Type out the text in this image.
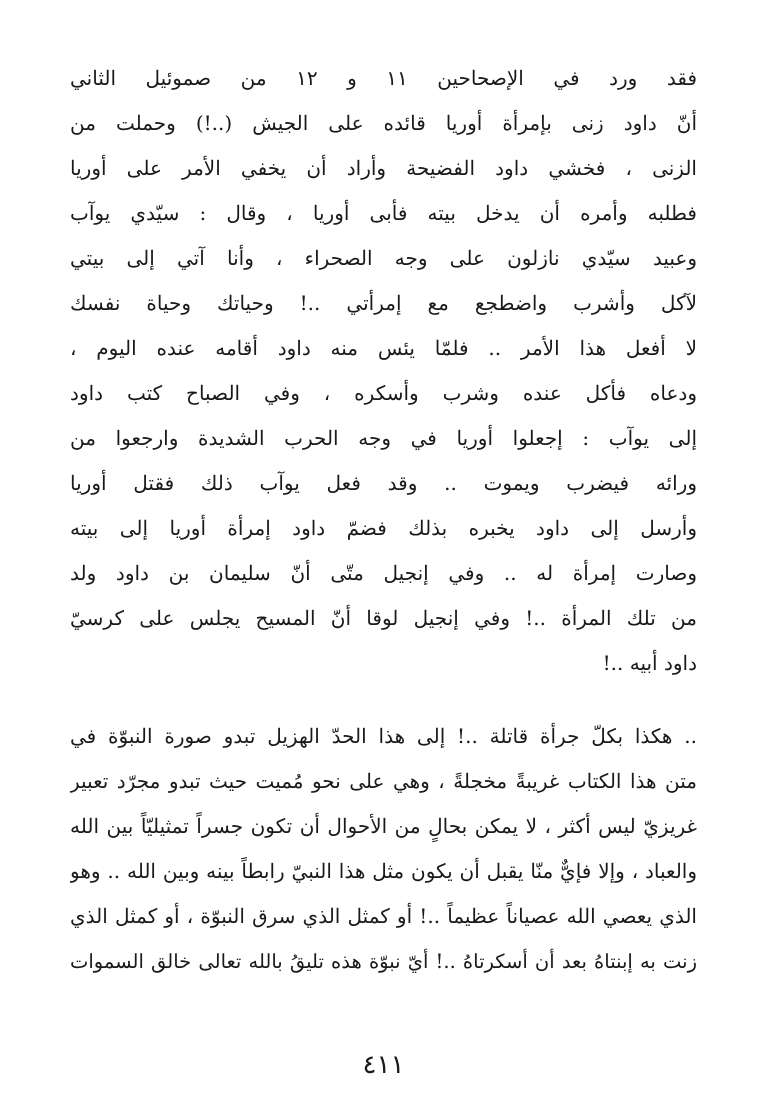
فقد ورد في الإصحاحين ١١ و ١٢ من صموئيل الثاني
أنّ داود زنى بإمرأة أوريا قائده على الجيش (..!) وحملت من
الزنى ، فخشي داود الفضيحة وأراد أن يخفي الأمر على أوريا
فطلبه وأمره أن يدخل بيته فأبى أوريا ، وقال : سيّدي يوآب
وعبيد سيّدي نازلون على وجه الصحراء ، وأنا آتي إلى بيتي
لآكل وأشرب واضطجع مع إمرأتي ..! وحياتك وحياة نفسك
لا أفعل هذا الأمر .. فلمّا يئس منه داود أقامه عنده اليوم ،
ودعاه فأكل عنده وشرب وأسكره ، وفي الصباح كتب داود
إلى يوآب : إجعلوا أوريا في وجه الحرب الشديدة وارجعوا من
ورائه فيضرب ويموت .. وقد فعل يوآب ذلك فقتل أوريا
وأرسل إلى داود يخبره بذلك فضمّ داود إمرأة أوريا إلى بيته
وصارت إمرأة له .. وفي إنجيل متّى أنّ سليمان بن داود ولد
من تلك المرأة ..! وفي إنجيل لوقا أنّ المسيح يجلس على كرسيّ
داود أبيه ..!
.. هكذا بكلّ جرأة قاتلة ..! إلى هذا الحدّ الهزيل تبدو صورة النبوّة في
متن هذا الكتاب غريبةً مخجلةً ، وهي على نحو مُميت حيث تبدو مجرّد تعبير
غريزيّ ليس أكثر ، لا يمكن بحالٍ من الأحوال أن تكون جسراً تمثيليّاً بين الله
والعباد ، وإلا فإيٌّ منّا يقبل أن يكون مثل هذا النبيّ رابطاً بينه وبين الله .. وهو
الذي يعصي الله عصياناً عظيماً ..! أو كمثل الذي سرق النبوّة ، أو كمثل الذي
زنت به إبنتاهُ بعد أن أسكرتاهُ ..! أيّ نبوّة هذه تليقُ بالله تعالى خالق السموات
٤١١
